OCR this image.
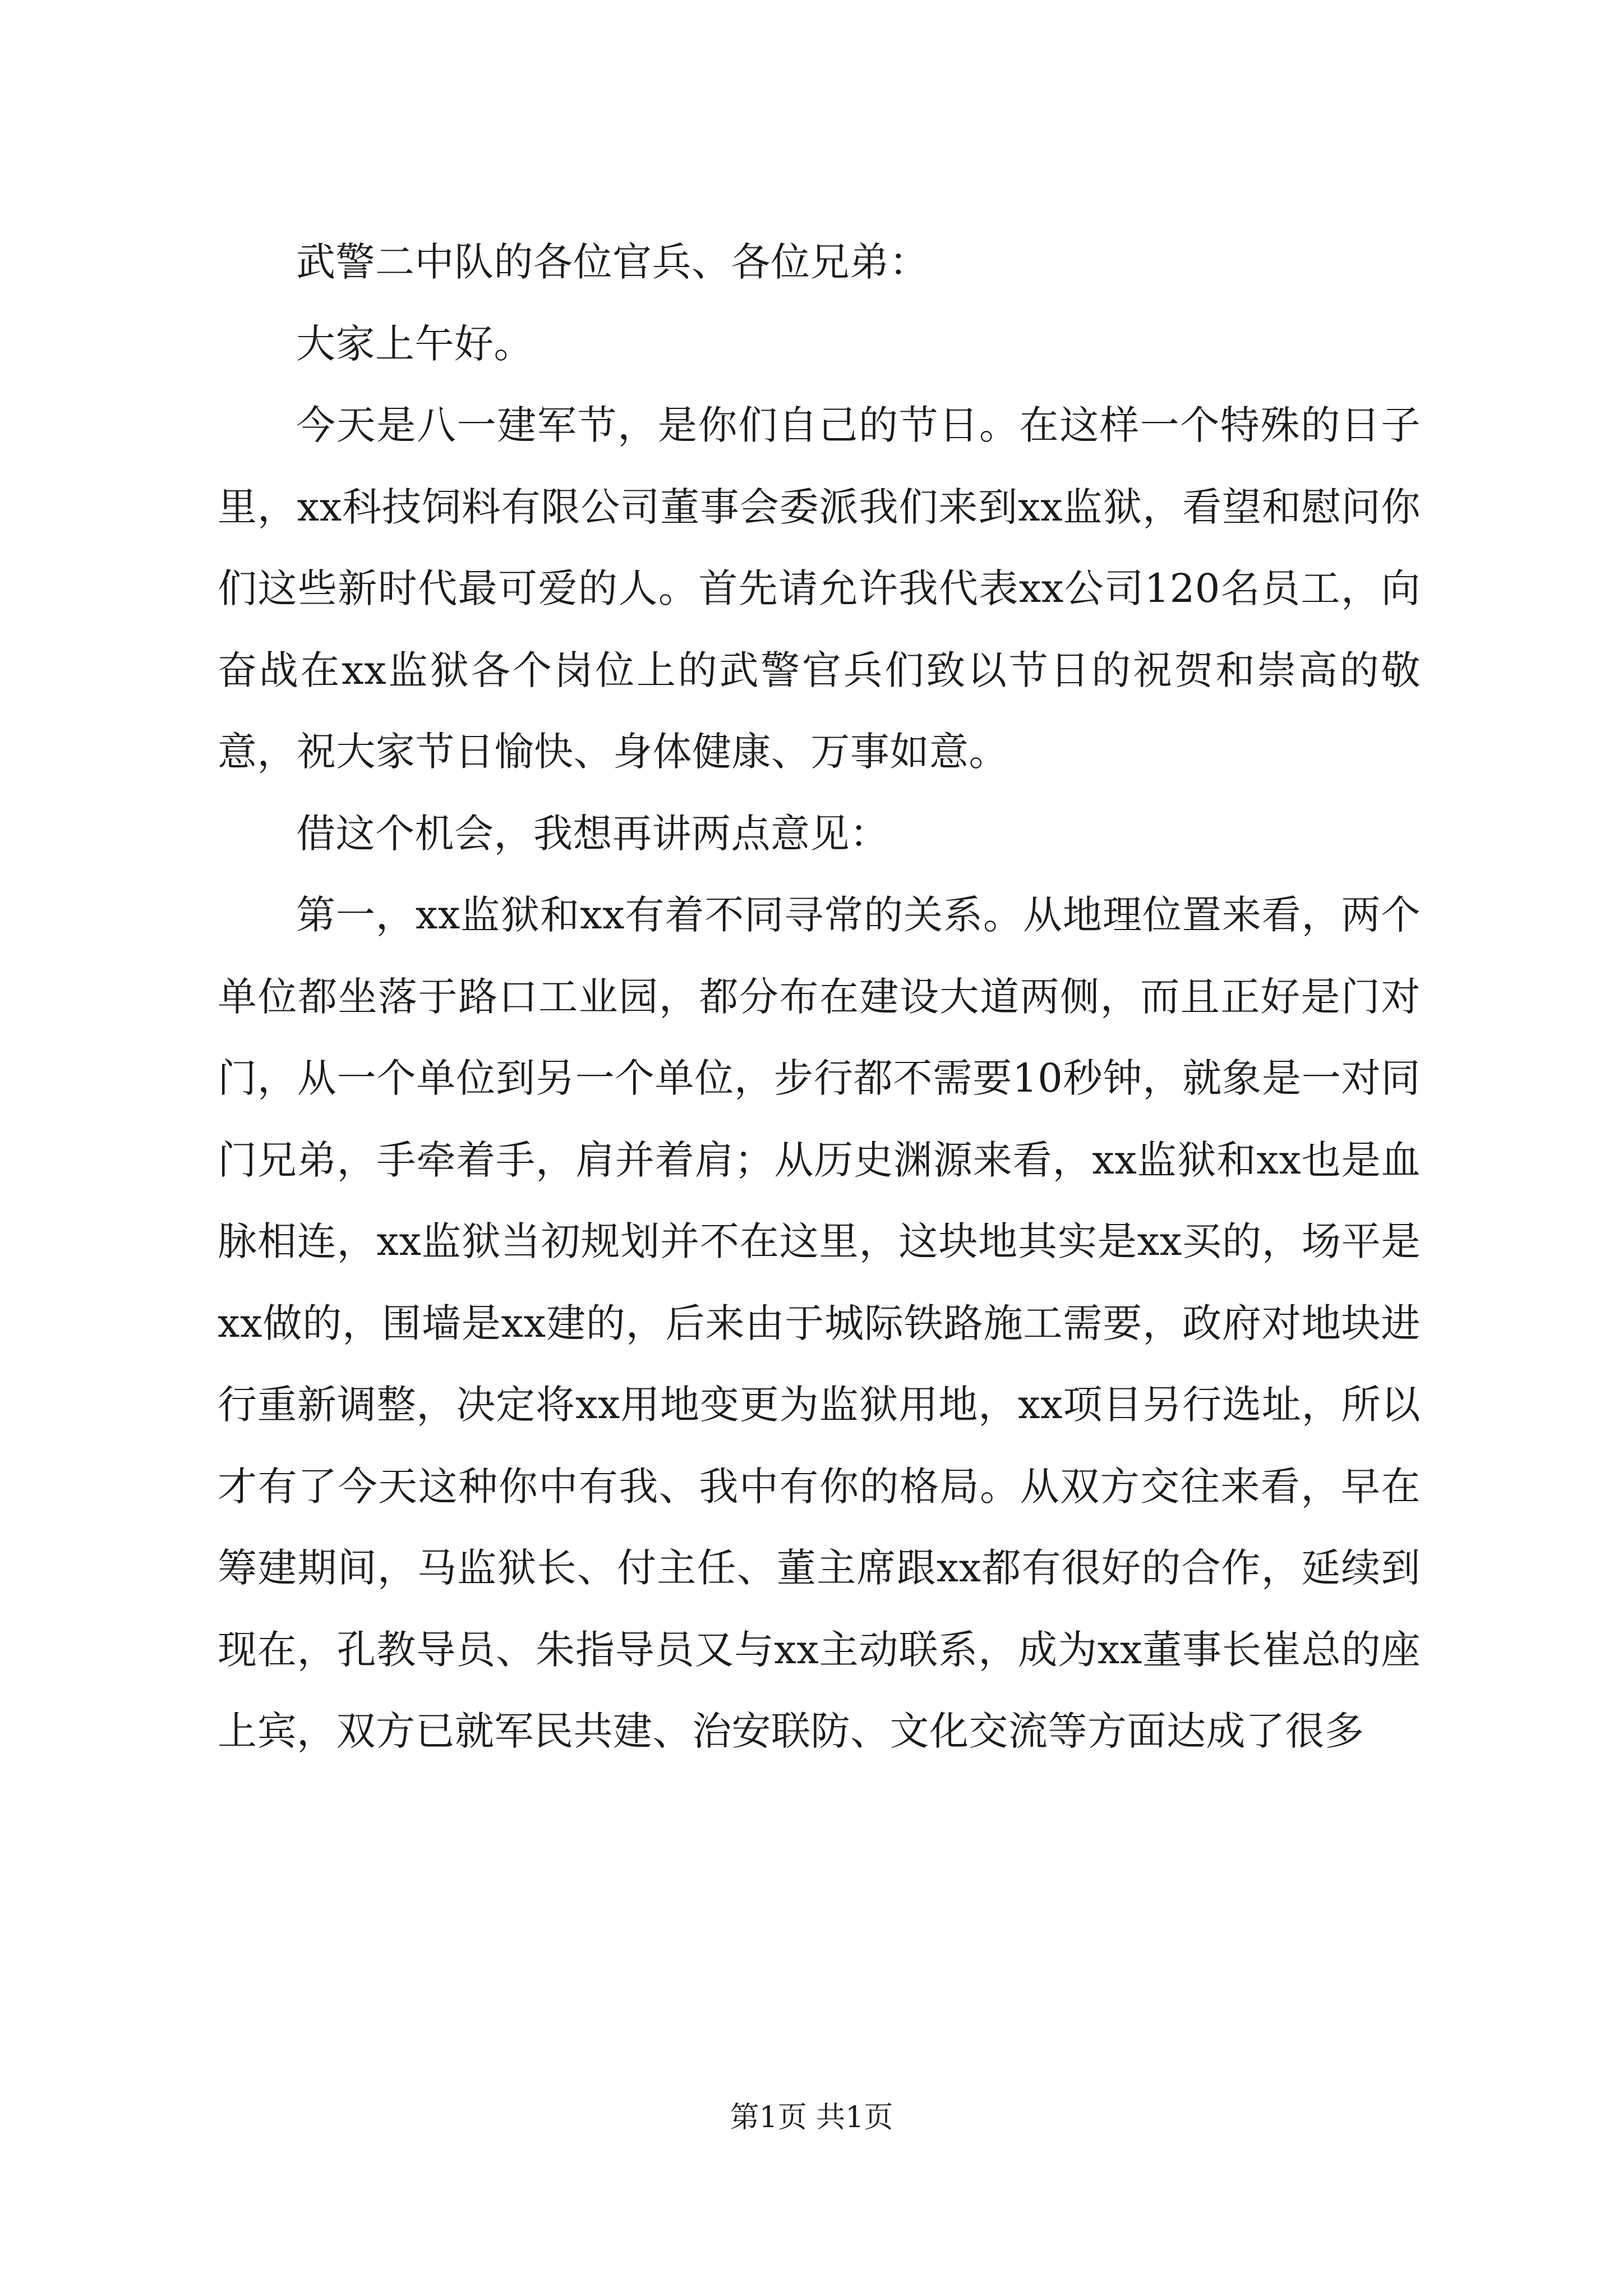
武警二中队的各位官兵、各位兄弟：

大家上午好。

今天是八一建军节，是你们自己的节日。在这样一个特殊的日子里，xx科技饲料有限公司董事会委派我们来到xx监狱，看望和慰问你们这些新时代最可爱的人。首先请允许我代表xx公司120名员工，向奋战在xx监狱各个岗位上的武警官兵们致以节日的祝贺和崇高的敬意，祝大家节日愉快、身体健康、万事如意。

借这个机会，我想再讲两点意见：

第一，xx监狱和xx有着不同寻常的关系。从地理位置来看，两个单位都坐落于路口工业园，都分布在建设大道两侧，而且正好是门对门，从一个单位到另一个单位，步行都不需要10秒钟，就象是一对同门兄弟，手牵着手，肩并着肩；从历史渊源来看，xx监狱和xx也是血脉相连，xx监狱当初规划并不在这里，这块地其实是xx买的，场平是xx做的，围墙是xx建的，后来由于城际铁路施工需要，政府对地块进行重新调整，决定将xx用地变更为监狱用地，xx项目另行选址，所以才有了今天这种你中有我、我中有你的格局。从双方交往来看，早在筹建期间，马监狱长、付主任、董主席跟xx都有很好的合作，延续到现在，孔教导员、朱指导员又与xx主动联系，成为xx董事长崔总的座上宾，双方已就军民共建、治安联防、文化交流等方面达成了很多

第1页 共1页
